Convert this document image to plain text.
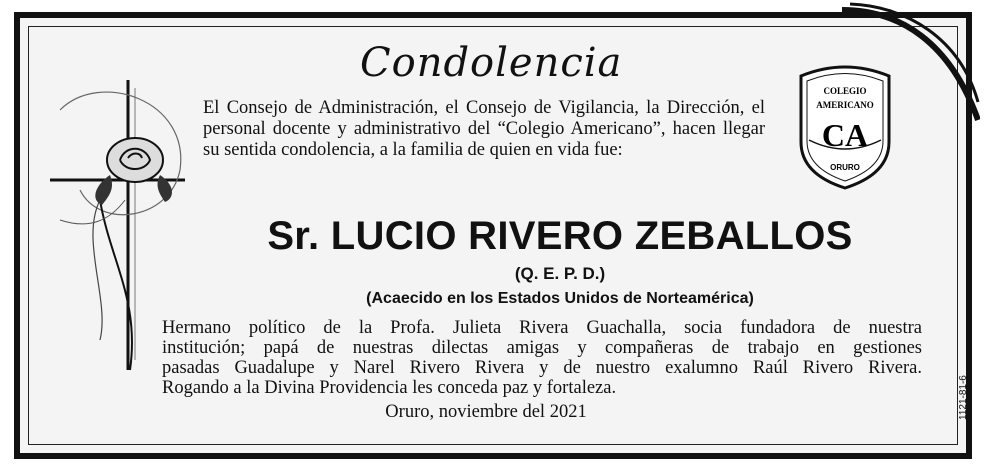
Condolencia

El Consejo de Administración, el Consejo de Vigilancia, la Dirección, el personal docente y administrativo del “Colegio Americano”, hacen llegar su sentida condolencia, a la familia de quien en vida fue:

COLEGIO
AMERICANO
CA
ORURO
Sr. LUCIO RIVERO ZEBALLOS

(Q. E. P. D.)

(Acaecido en los Estados Unidos de Norteamérica)

Hermano político de la Profa. Julieta Rivera Guachalla, socia fundadora de nuestra
institución; papá de nuestras dilectas amigas y compañeras de trabajo en gestiones
pasadas Guadalupe y Narel Rivero Rivera y de nuestro exalumno Raúl Rivero Rivera.
Rogando a la Divina Providencia les conceda paz y fortaleza.

Oruro, noviembre del 2021	1121-81-6
